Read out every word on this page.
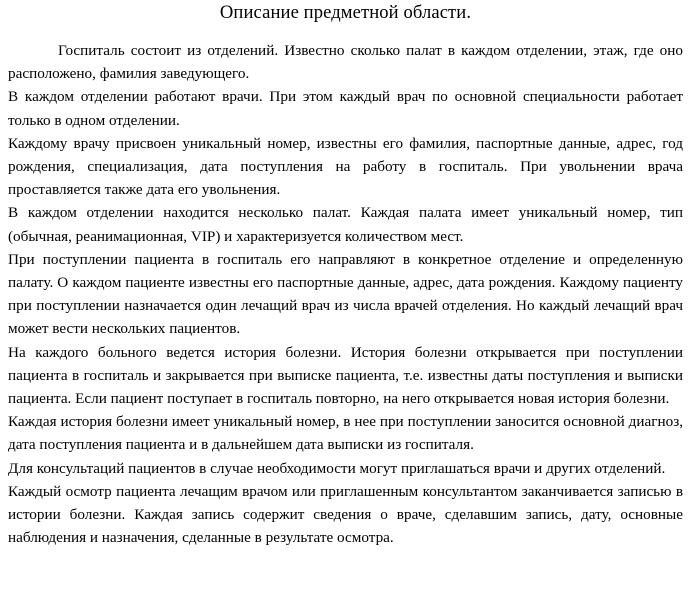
Описание предметной области.

Госпиталь состоит из отделений. Известно сколько палат в каждом отделении, этаж, где оно расположено, фамилия заведующего.

В каждом отделении работают врачи. При этом каждый врач по основной специальности работает только в одном отделении.

Каждому врачу присвоен уникальный номер, известны его фамилия, паспортные данные, адрес, год рождения, специализация, дата поступления на работу в госпиталь. При увольнении врача проставляется также дата его увольнения.

В каждом отделении находится несколько палат. Каждая палата имеет уникальный номер, тип (обычная, реанимационная, VIP) и характеризуется количеством мест.

При поступлении пациента в госпиталь его направляют в конкретное отделение и определенную палату. О каждом пациенте известны его паспортные данные, адрес, дата рождения. Каждому пациенту при поступлении назначается один лечащий врач из числа врачей отделения. Но каждый лечащий врач может вести нескольких пациентов.

На каждого больного ведется история болезни. История болезни открывается при поступлении пациента в госпиталь и закрывается при выписке пациента, т.е. известны даты поступления и выписки пациента. Если пациент поступает в госпиталь повторно, на него открывается новая история болезни.

Каждая история болезни имеет уникальный номер, в нее при поступлении заносится основной диагноз, дата поступления пациента и в дальнейшем дата выписки из госпиталя.

Для консультаций пациентов в случае необходимости могут приглашаться врачи и других отделений.

Каждый осмотр пациента лечащим врачом или приглашенным консультантом заканчивается записью в истории болезни. Каждая запись содержит сведения о враче, сделавшим запись, дату, основные наблюдения и назначения, сделанные в результате осмотра.
